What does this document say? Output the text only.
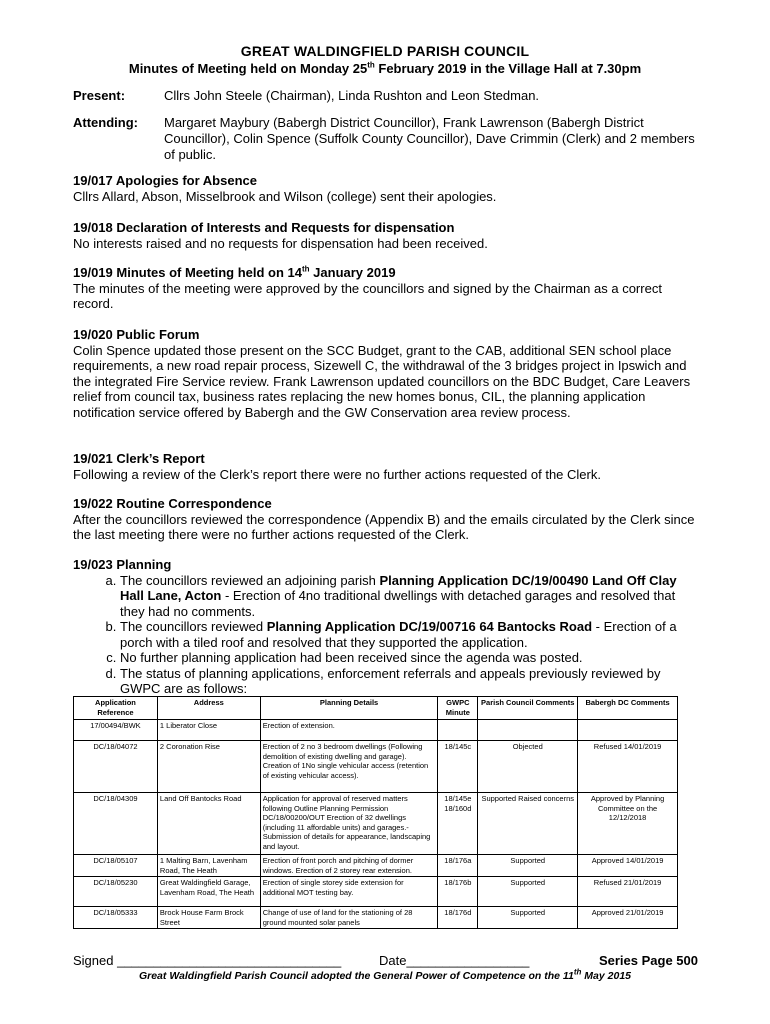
GREAT WALDINGFIELD PARISH COUNCIL
Minutes of Meeting held on Monday 25th February 2019 in the Village Hall at 7.30pm
Present:	Cllrs John Steele (Chairman), Linda Rushton and Leon Stedman.
Attending: Margaret Maybury (Babergh District Councillor), Frank Lawrenson (Babergh District Councillor), Colin Spence (Suffolk County Councillor), Dave Crimmin (Clerk) and 2 members of public.
19/017 Apologies for Absence
Cllrs Allard, Abson, Misselbrook and Wilson (college) sent their apologies.
19/018 Declaration of Interests and Requests for dispensation
No interests raised and no requests for dispensation had been received.
19/019 Minutes of Meeting held on 14th January 2019
The minutes of the meeting were approved by the councillors and signed by the Chairman as a correct record.
19/020 Public Forum
Colin Spence updated those present on the SCC Budget, grant to the CAB, additional SEN school place requirements, a new road repair process, Sizewell C, the withdrawal of the 3 bridges project in Ipswich and the integrated Fire Service review. Frank Lawrenson updated councillors on the BDC Budget, Care Leavers relief from council tax, business rates replacing the new homes bonus, CIL, the planning application notification service offered by Babergh and the GW Conservation area review process.
19/021 Clerk’s Report
Following a review of the Clerk’s report there were no further actions requested of the Clerk.
19/022 Routine Correspondence
After the councillors reviewed the correspondence (Appendix B) and the emails circulated by the Clerk since the last meeting there were no further actions requested of the Clerk.
19/023 Planning
a. The councillors reviewed an adjoining parish Planning Application DC/19/00490 Land Off Clay Hall Lane, Acton - Erection of 4no traditional dwellings with detached garages and resolved that they had no comments.
b. The councillors reviewed Planning Application DC/19/00716 64 Bantocks Road - Erection of a porch with a tiled roof and resolved that they supported the application.
c. No further planning application had been received since the agenda was posted.
d. The status of planning applications, enforcement referrals and appeals previously reviewed by GWPC are as follows:
Application Reference	Address	Planning Details	GWPC Minute	Parish Council Comments	Babergh DC Comments
17/00494/BWK	1 Liberator Close	Erection of extension.			
DC/18/04072	2 Coronation Rise	Erection of 2 no 3 bedroom dwellings (Following demolition of existing dwelling and garage). Creation of 1No single vehicular access (retention of existing vehicular access).	18/145c	Objected	Refused 14/01/2019
DC/18/04309	Land Off Bantocks Road	Application for approval of reserved matters following Outline Planning Permission DC/18/00200/OUT Erection of 32 dwellings (including 11 affordable units) and garages.- Submission of details for appearance, landscaping and layout.	18/145e 18/160d	Supported Raised concerns	Approved by Planning Committee on the 12/12/2018
DC/18/05107	1 Malting Barn, Lavenham Road, The Heath	Erection of front porch and pitching of dormer windows. Erection of 2 storey rear extension.	18/176a	Supported	Approved 14/01/2019
DC/18/05230	Great Waldingfield Garage, Lavenham Road, The Heath	Erection of single storey side extension for additional MOT testing bay.	18/176b	Supported	Refused 21/01/2019
DC/18/05333	Brock House Farm Brock Street	Change of use of land for the stationing of 28 ground mounted solar panels	18/176d	Supported	Approved 21/01/2019
Signed _______________________________	Date_________________	Series Page 500
Great Waldingfield Parish Council adopted the General Power of Competence on the 11th May 2015
